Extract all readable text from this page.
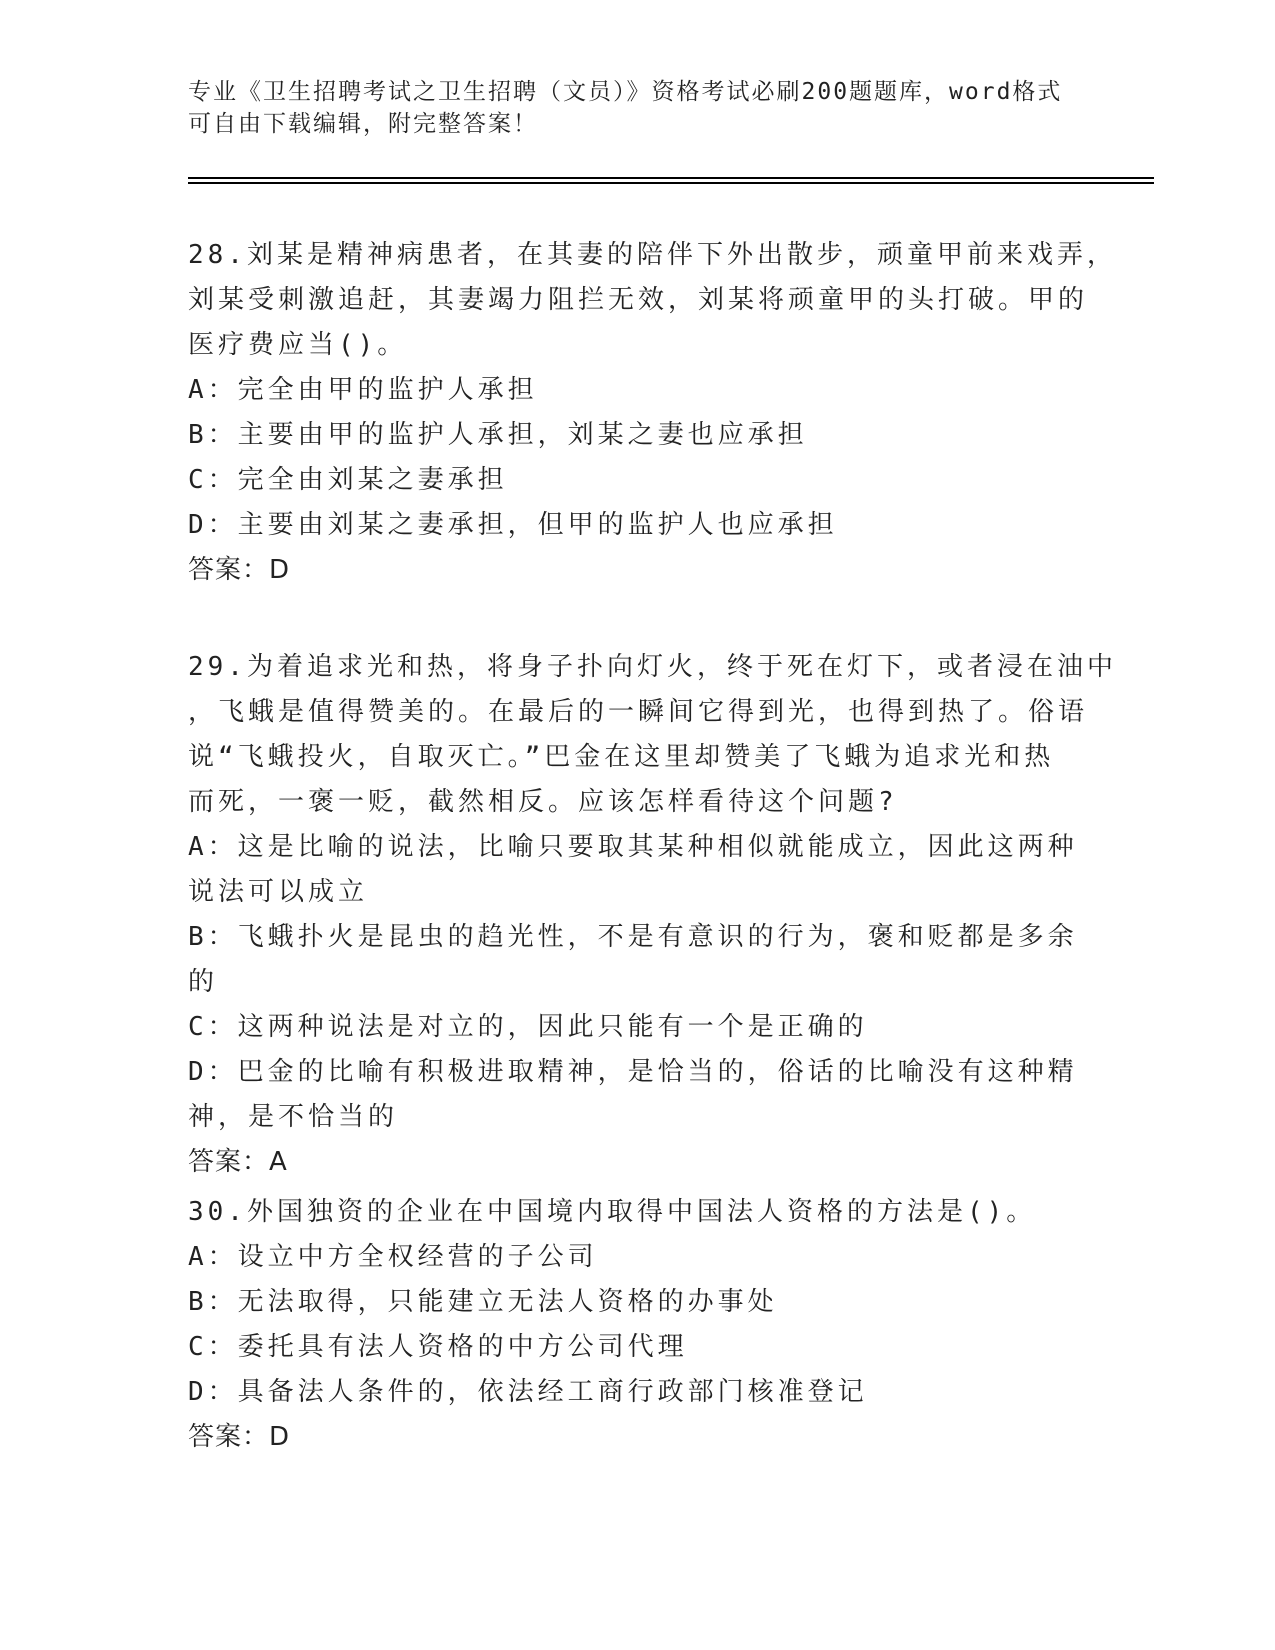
专业《卫生招聘考试之卫生招聘（文员）》资格考试必刷200题题库，word格式

可自由下载编辑，附完整答案！

28.刘某是精神病患者，在其妻的陪伴下外出散步，顽童甲前来戏弄，

刘某受刺激追赶，其妻竭力阻拦无效，刘某将顽童甲的头打破。甲的

医疗费应当()。

A：完全由甲的监护人承担

B：主要由甲的监护人承担，刘某之妻也应承担

C：完全由刘某之妻承担

D：主要由刘某之妻承担，但甲的监护人也应承担

答案：D

29.为着追求光和热，将身子扑向灯火，终于死在灯下，或者浸在油中

，飞蛾是值得赞美的。在最后的一瞬间它得到光，也得到热了。俗语

说“飞蛾投火，自取灭亡。”巴金在这里却赞美了飞蛾为追求光和热

而死，一褒一贬，截然相反。应该怎样看待这个问题?

A：这是比喻的说法，比喻只要取其某种相似就能成立，因此这两种说法可以成立

B：飞蛾扑火是昆虫的趋光性，不是有意识的行为，褒和贬都是多余的

C：这两种说法是对立的，因此只能有一个是正确的

D：巴金的比喻有积极进取精神，是恰当的，俗话的比喻没有这种精神，是不恰当的

答案：A

30.外国独资的企业在中国境内取得中国法人资格的方法是()。

A：设立中方全权经营的子公司

B：无法取得，只能建立无法人资格的办事处

C：委托具有法人资格的中方公司代理

D：具备法人条件的，依法经工商行政部门核准登记

答案：D
